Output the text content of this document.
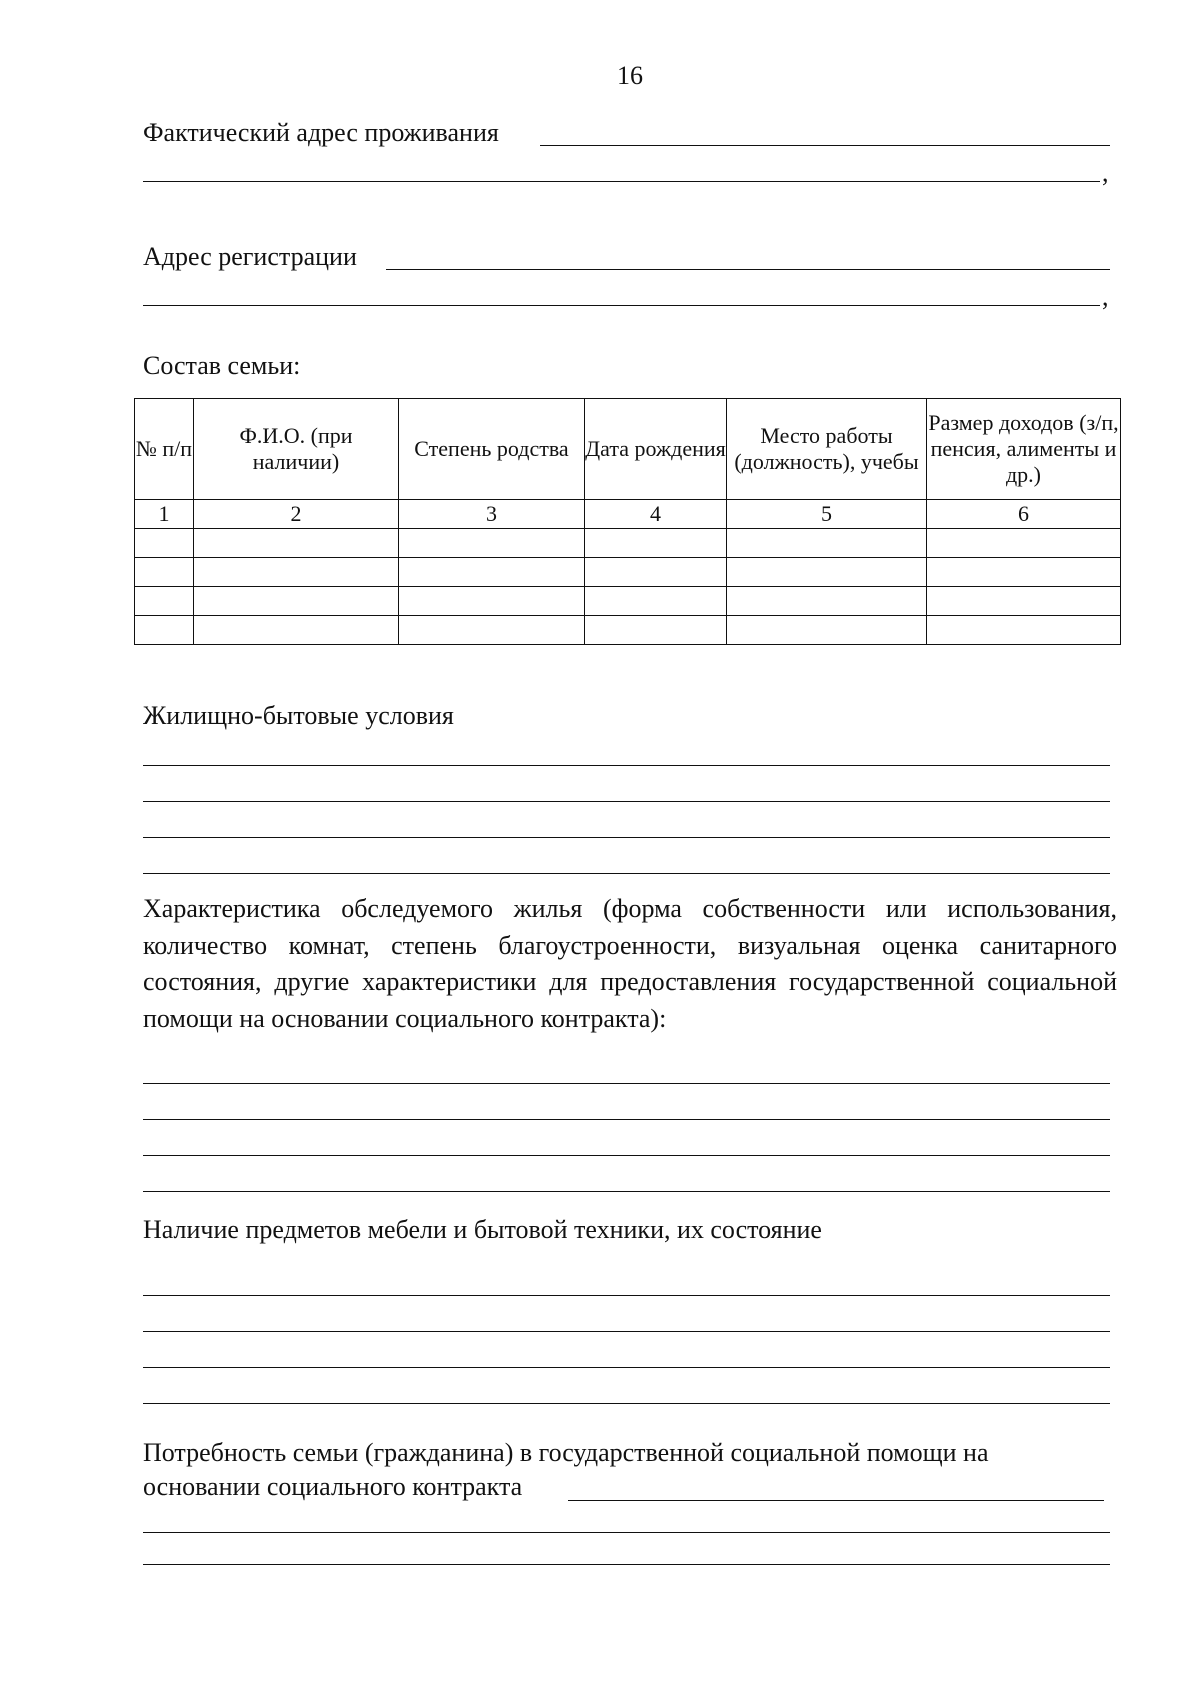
16
Фактический адрес проживания
,
Адрес регистрации
,
Состав семьи:
№ п/п	Ф.И.О. (при наличии)	Степень родства	Дата рождения	Место работы (должность), учебы	Размер доходов (з/п, пенсия, алименты и др.)
1	2	3	4	5	6

Жилищно-бытовые условия
Характеристика обследуемого жилья (форма собственности или использования, количество комнат, степень благоустроенности, визуальная оценка санитарного состояния, другие характеристики для предоставления государственной социальной помощи на основании социального контракта):
Наличие предметов мебели и бытовой техники, их состояние
Потребность семьи (гражданина) в государственной социальной помощи на
основании социального контракта
